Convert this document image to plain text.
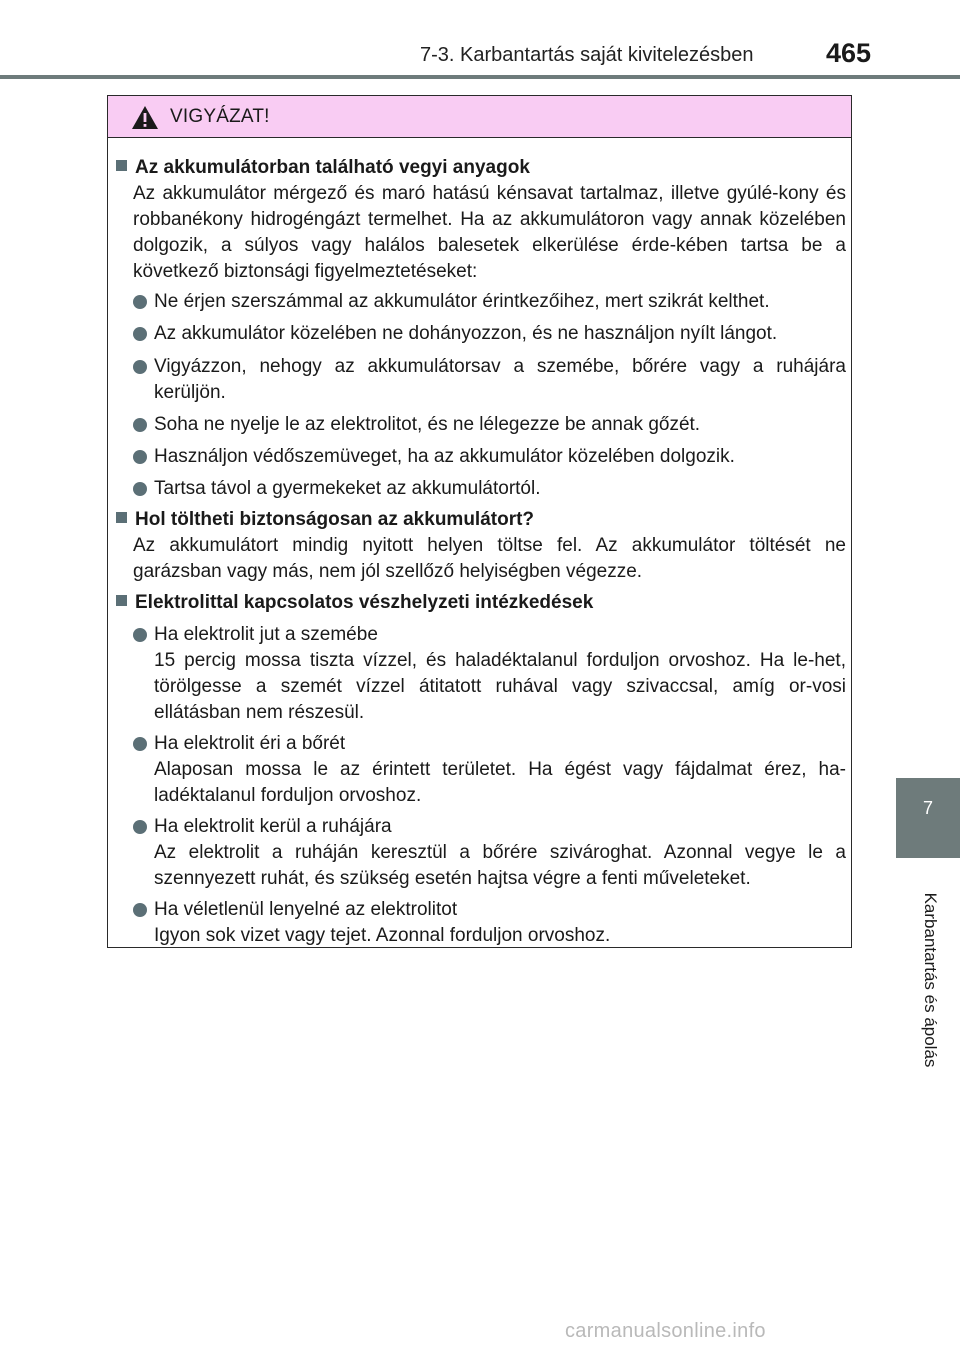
7-3. Karbantartás saját kivitelezésben	465
VIGYÁZAT!
Az akkumulátorban található vegyi anyagok
Az akkumulátor mérgező és maró hatású kénsavat tartalmaz, illetve gyúlé-kony és robbanékony hidrogéngázt termelhet. Ha az akkumulátoron vagy annak közelében dolgozik, a súlyos vagy halálos balesetek elkerülése érde-kében tartsa be a következő biztonsági figyelmeztetéseket:
Ne érjen szerszámmal az akkumulátor érintkezőihez, mert szikrát kelthet.
Az akkumulátor közelében ne dohányozzon, és ne használjon nyílt lángot.
Vigyázzon, nehogy az akkumulátorsav a szemébe, bőrére vagy a ruhájára kerüljön.
Soha ne nyelje le az elektrolitot, és ne lélegezze be annak gőzét.
Használjon védőszemüveget, ha az akkumulátor közelében dolgozik.
Tartsa távol a gyermekeket az akkumulátortól.
Hol töltheti biztonságosan az akkumulátort?
Az akkumulátort mindig nyitott helyen töltse fel. Az akkumulátor töltését ne garázsban vagy más, nem jól szellőző helyiségben végezze.
Elektrolittal kapcsolatos vészhelyzeti intézkedések
Ha elektrolit jut a szemébe
15 percig mossa tiszta vízzel, és haladéktalanul forduljon orvoshoz. Ha le-het, törölgesse a szemét vízzel átitatott ruhával vagy szivaccsal, amíg or-vosi ellátásban nem részesül.
Ha elektrolit éri a bőrét
Alaposan mossa le az érintett területet. Ha égést vagy fájdalmat érez, ha-ladéktalanul forduljon orvoshoz.
Ha elektrolit kerül a ruhájára
Az elektrolit a ruháján keresztül a bőrére szivároghat. Azonnal vegye le a szennyezett ruhát, és szükség esetén hajtsa végre a fenti műveleteket.
Ha véletlenül lenyelné az elektrolitot
Igyon sok vizet vagy tejet. Azonnal forduljon orvoshoz.
7
Karbantartás és ápolás
carmanualsonline.info
